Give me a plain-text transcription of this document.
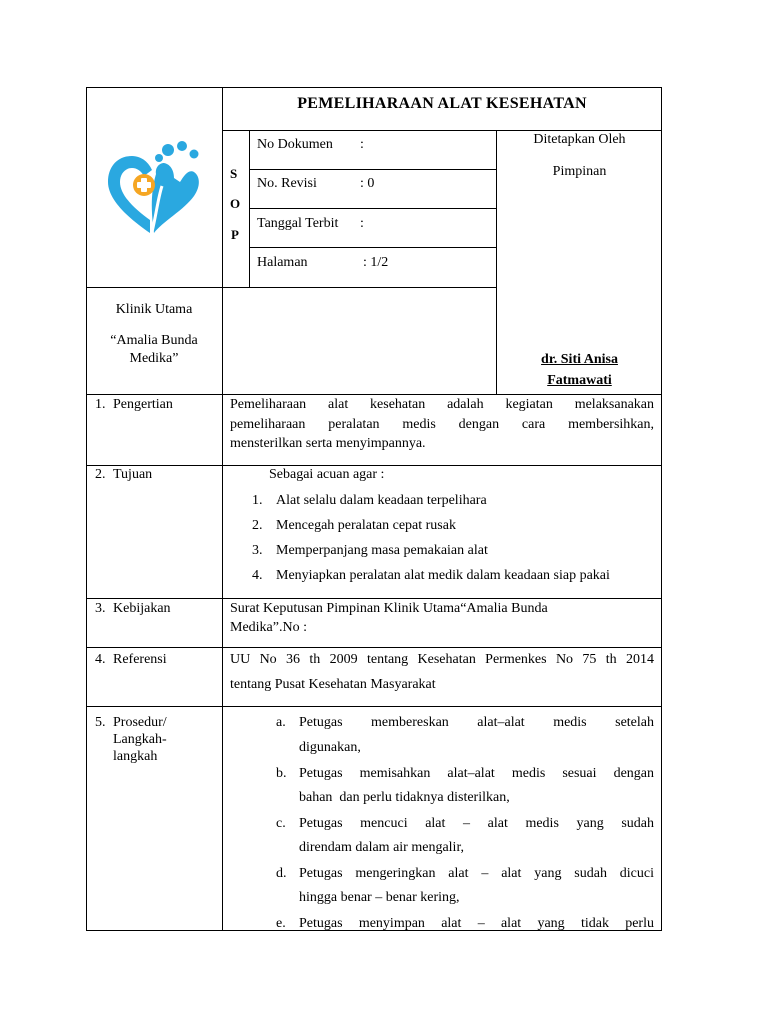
PEMELIHARAAN ALAT KESEHATAN
S
O
P
No Dokumen :
No. Revisi	: 0
Tanggal Terbit :
Halaman	: 1/2
Ditetapkan Oleh
Pimpinan
dr. Siti Anisa
Fatmawati
Klinik Utama
“Amalia Bunda
Medika”
1. Pengertian	Pemeliharaan alat kesehatan adalah kegiatan melaksanakan
pemeliharaan peralatan medis dengan cara membersihkan,
mensterilkan serta menyimpannya.
2. Tujuan	Sebagai acuan agar :
1. Alat selalu dalam keadaan terpelihara
2. Mencegah peralatan cepat rusak
3. Memperpanjang masa pemakaian alat
4. Menyiapkan peralatan alat medik dalam keadaan siap pakai
3. Kebijakan	Surat Keputusan Pimpinan Klinik Utama“Amalia Bunda
Medika”.No :
4. Referensi	UU No 36 th 2009 tentang Kesehatan Permenkes No 75 th 2014
tentang Pusat Kesehatan Masyarakat
5. Prosedur/
Langkah-
langkah
a. Petugas membereskan alat–alat medis setelah
digunakan,
b. Petugas memisahkan alat–alat medis sesuai dengan
bahan  dan perlu tidaknya disterilkan,
c. Petugas mencuci alat – alat medis yang sudah
direndam dalam air mengalir,
d. Petugas mengeringkan alat – alat yang sudah dicuci
hingga benar – benar kering,
e. Petugas menyimpan alat – alat yang tidak perlu
